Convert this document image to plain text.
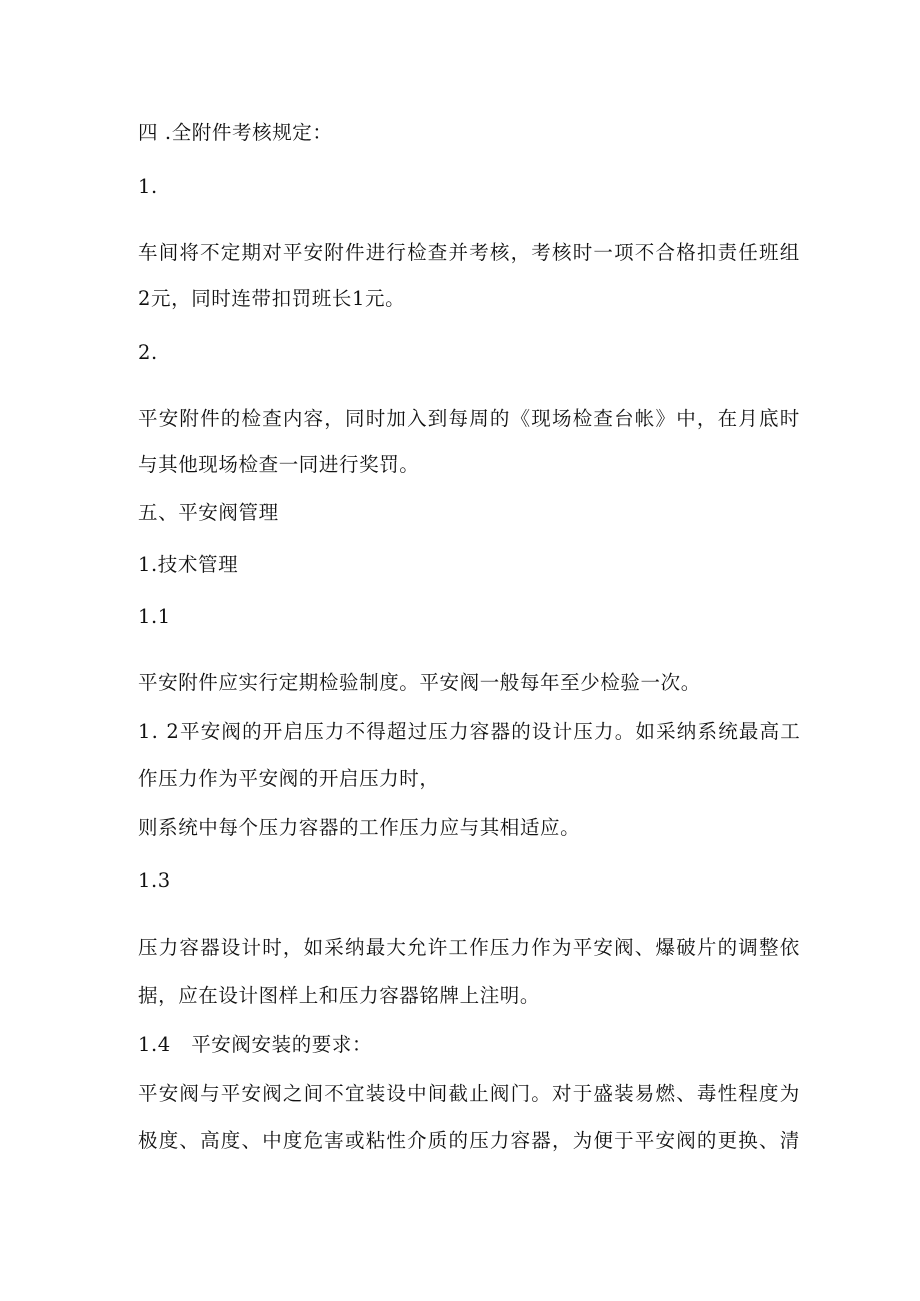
四 .全附件考核规定：
1.
车间将不定期对平安附件进行检查并考核，考核时一项不合格扣责任班组
2元，同时连带扣罚班长1元。
2.
平安附件的检查内容，同时加入到每周的《现场检查台帐》中，在月底时
与其他现场检查一同进行奖罚。
五、平安阀管理
1.技术管理
1.1
平安附件应实行定期检验制度。平安阀一般每年至少检验一次。
1. 2平安阀的开启压力不得超过压力容器的设计压力。如采纳系统最高工
作压力作为平安阀的开启压力时，
则系统中每个压力容器的工作压力应与其相适应。
1.3
压力容器设计时，如采纳最大允许工作压力作为平安阀、爆破片的调整依
据，应在设计图样上和压力容器铭牌上注明。
1.4   平安阀安装的要求：
平安阀与平安阀之间不宜装设中间截止阀门。对于盛装易燃、毒性程度为
极度、高度、中度危害或粘性介质的压力容器，为便于平安阀的更换、清
